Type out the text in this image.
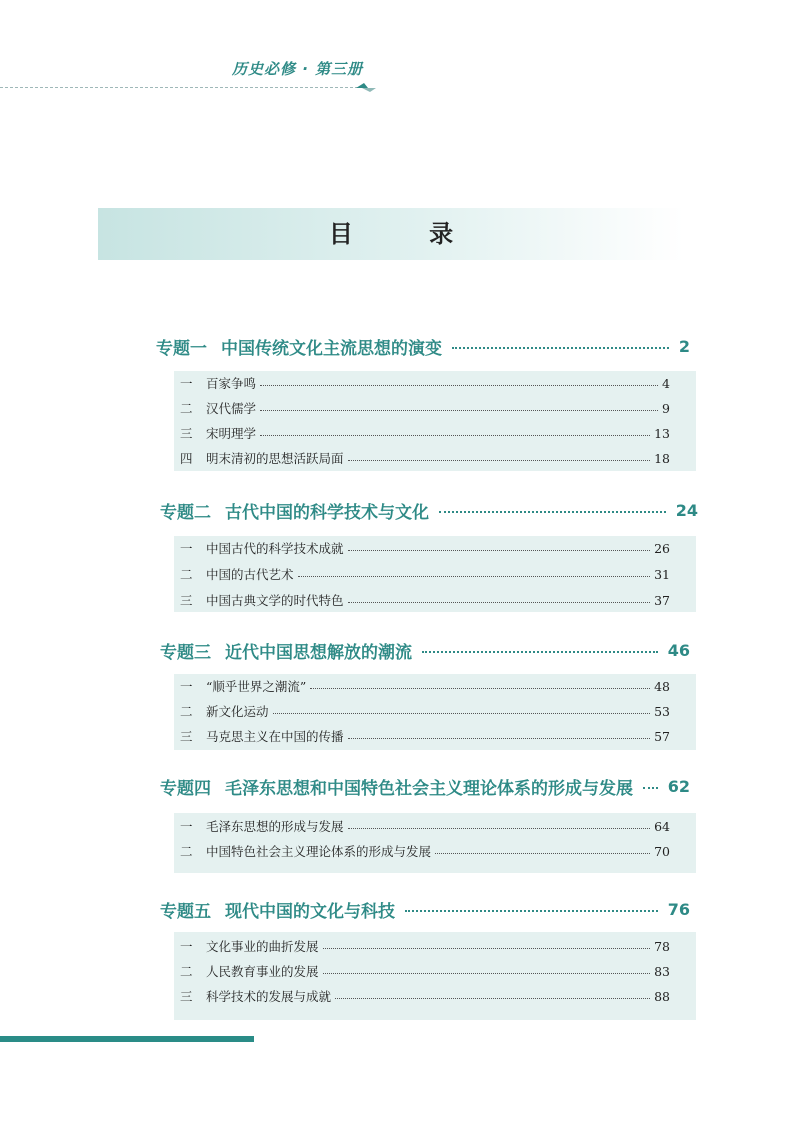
历史必修 · 第三册
目 录
专题一 中国传统文化主流思想的演变	2
一	百家争鸣	4
二	汉代儒学	9
三	宋明理学	13
四	明末清初的思想活跃局面	18
专题二 古代中国的科学技术与文化	24
一	中国古代的科学技术成就	26
二	中国的古代艺术	31
三	中国古典文学的时代特色	37
专题三 近代中国思想解放的潮流	46
一	“顺乎世界之潮流”	48
二	新文化运动	53
三	马克思主义在中国的传播	57
专题四 毛泽东思想和中国特色社会主义理论体系的形成与发展 62
一	毛泽东思想的形成与发展	64
二	中国特色社会主义理论体系的形成与发展	70
专题五 现代中国的文化与科技	76
一	文化事业的曲折发展	78
二	人民教育事业的发展	83
三	科学技术的发展与成就	88
